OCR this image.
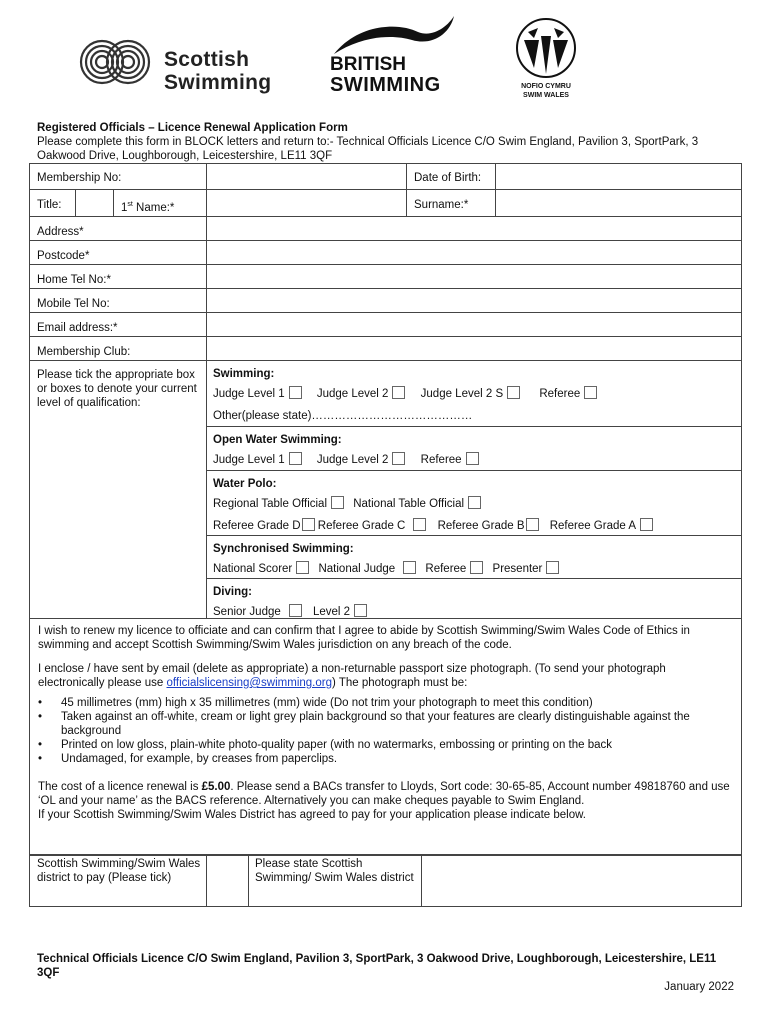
Scottish
Swimming
BRITISH
SWIMMING	NOFIO CYMRU
SWIM WALES
Registered Officials – Licence Renewal Application Form
Please complete this form in BLOCK letters and return to:- Technical Officials Licence C/O Swim England, Pavilion 3, SportPark, 3 Oakwood Drive, Loughborough, Leicestershire, LE11 3QF
Membership No:	Date of Birth:
Title:	1st Name:*	Surname:*
Address*
Postcode*
Home Tel No:*
Mobile Tel No:
Email address:*
Membership Club:
Please tick the appropriate box or boxes to denote your current level of qualification:
Swimming:
Judge Level 1	Judge Level 2	Judge Level 2 S	Referee
Other(please state)……………………………………
Open Water Swimming:
Judge Level 1	Judge Level 2	Referee
Water Polo:
Regional Table Official National Table Official
Referee Grade D Referee Grade C	Referee Grade B Referee Grade A
Synchronised Swimming:
National Scorer National Judge	Referee Presenter
Diving:
Senior Judge	Level 2

I wish to renew my licence to officiate and can confirm that I agree to abide by Scottish Swimming/Swim Wales Code of Ethics in swimming and accept Scottish Swimming/Swim Wales jurisdiction on any breach of the code.

I enclose / have sent by email (delete as appropriate) a non-returnable passport size photograph. (To send your photograph electronically please use officialslicensing@swimming.org) The photograph must be:

• 45 millimetres (mm) high x 35 millimetres (mm) wide (Do not trim your photograph to meet this condition)
• Taken against an off-white, cream or light grey plain background so that your features are clearly distinguishable against the background
• Printed on low gloss, plain-white photo-quality paper (with no watermarks, embossing or printing on the back
• Undamaged, for example, by creases from paperclips.

The cost of a licence renewal is £5.00. Please send a BACs transfer to Lloyds, Sort code: 30-65-85, Account number 49818760 and use ‘OL and your name’ as the BACS reference. Alternatively you can make cheques payable to Swim England.

If your Scottish Swimming/Swim Wales District has agreed to pay for your application please indicate below.

Scottish Swimming/Swim Wales district to pay (Please tick)
Please state Scottish Swimming/ Swim Wales district
Technical Officials Licence C/O Swim England, Pavilion 3, SportPark, 3 Oakwood Drive, Loughborough, Leicestershire, LE11 3QF
January 2022
